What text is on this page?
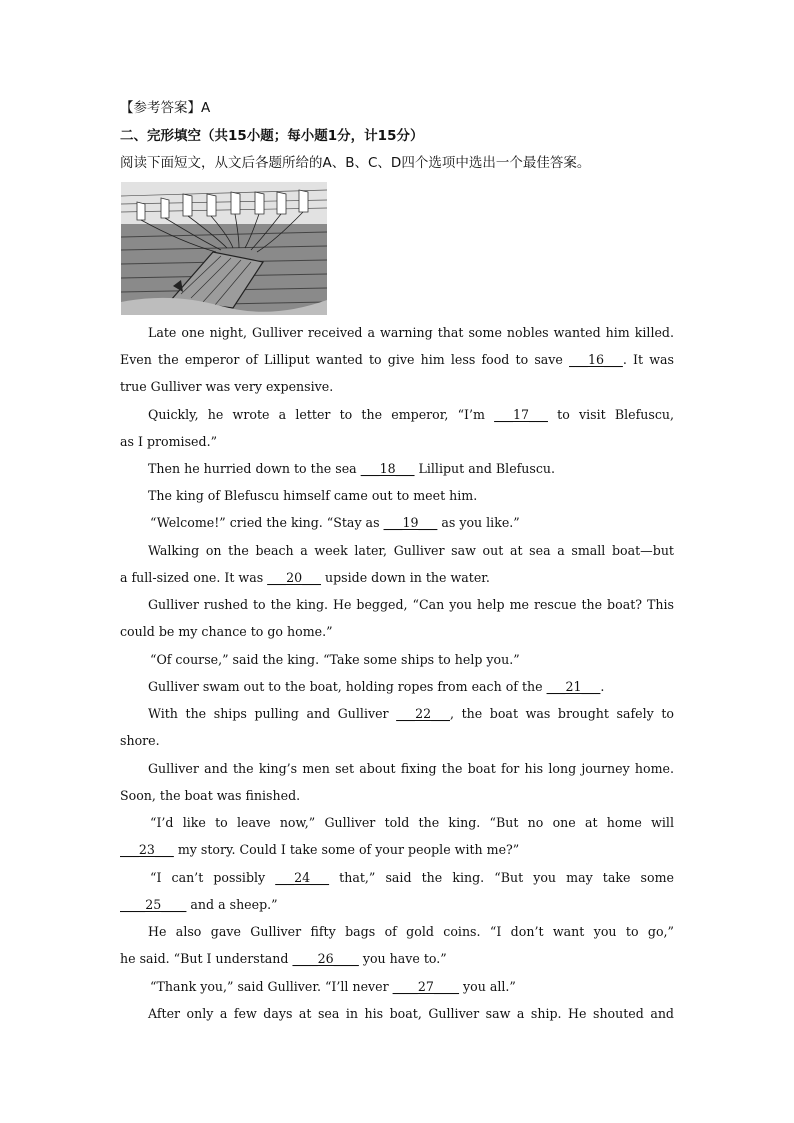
【参考答案】A
二、完形填空（共15小题；每小题1分，计15分）
阅读下面短文，从文后各题所给的A、B、C、D四个选项中选出一个最佳答案。
Late one night, Gulliver received a warning that some nobles wanted him killed.
Even the emperor of Lilliput wanted to give him less food to save ___16___. It was
true Gulliver was very expensive.
Quickly, he wrote a letter to the emperor, “I’m ___17___ to visit Blefuscu,
as I promised.”
Then he hurried down to the sea ___18___ Lilliput and Blefuscu.
The king of Blefuscu himself came out to meet him.
“Welcome!” cried the king. “Stay as ___19___ as you like.”
Walking on the beach a week later, Gulliver saw out at sea a small boat—but
a full-sized one. It was ___20___ upside down in the water.
Gulliver rushed to the king. He begged, “Can you help me rescue the boat? This
could be my chance to go home.”
“Of course,” said the king. “Take some ships to help you.”
Gulliver swam out to the boat, holding ropes from each of the ___21___.
With the ships pulling and Gulliver ___22___, the boat was brought safely to
shore.
Gulliver and the king’s men set about fixing the boat for his long journey home.
Soon, the boat was finished.
“I’d like to leave now,” Gulliver told the king. “But no one at home will
___23___ my story. Could I take some of your people with me?”
“I can’t possibly ___24___ that,” said the king. “But you may take some
____25____ and a sheep.”
He also gave Gulliver fifty bags of gold coins. “I don’t want you to go,”
he said. “But I understand ____26____ you have to.”
“Thank you,” said Gulliver. “I’ll never ____27____ you all.”
After only a few days at sea in his boat, Gulliver saw a ship. He shouted and
